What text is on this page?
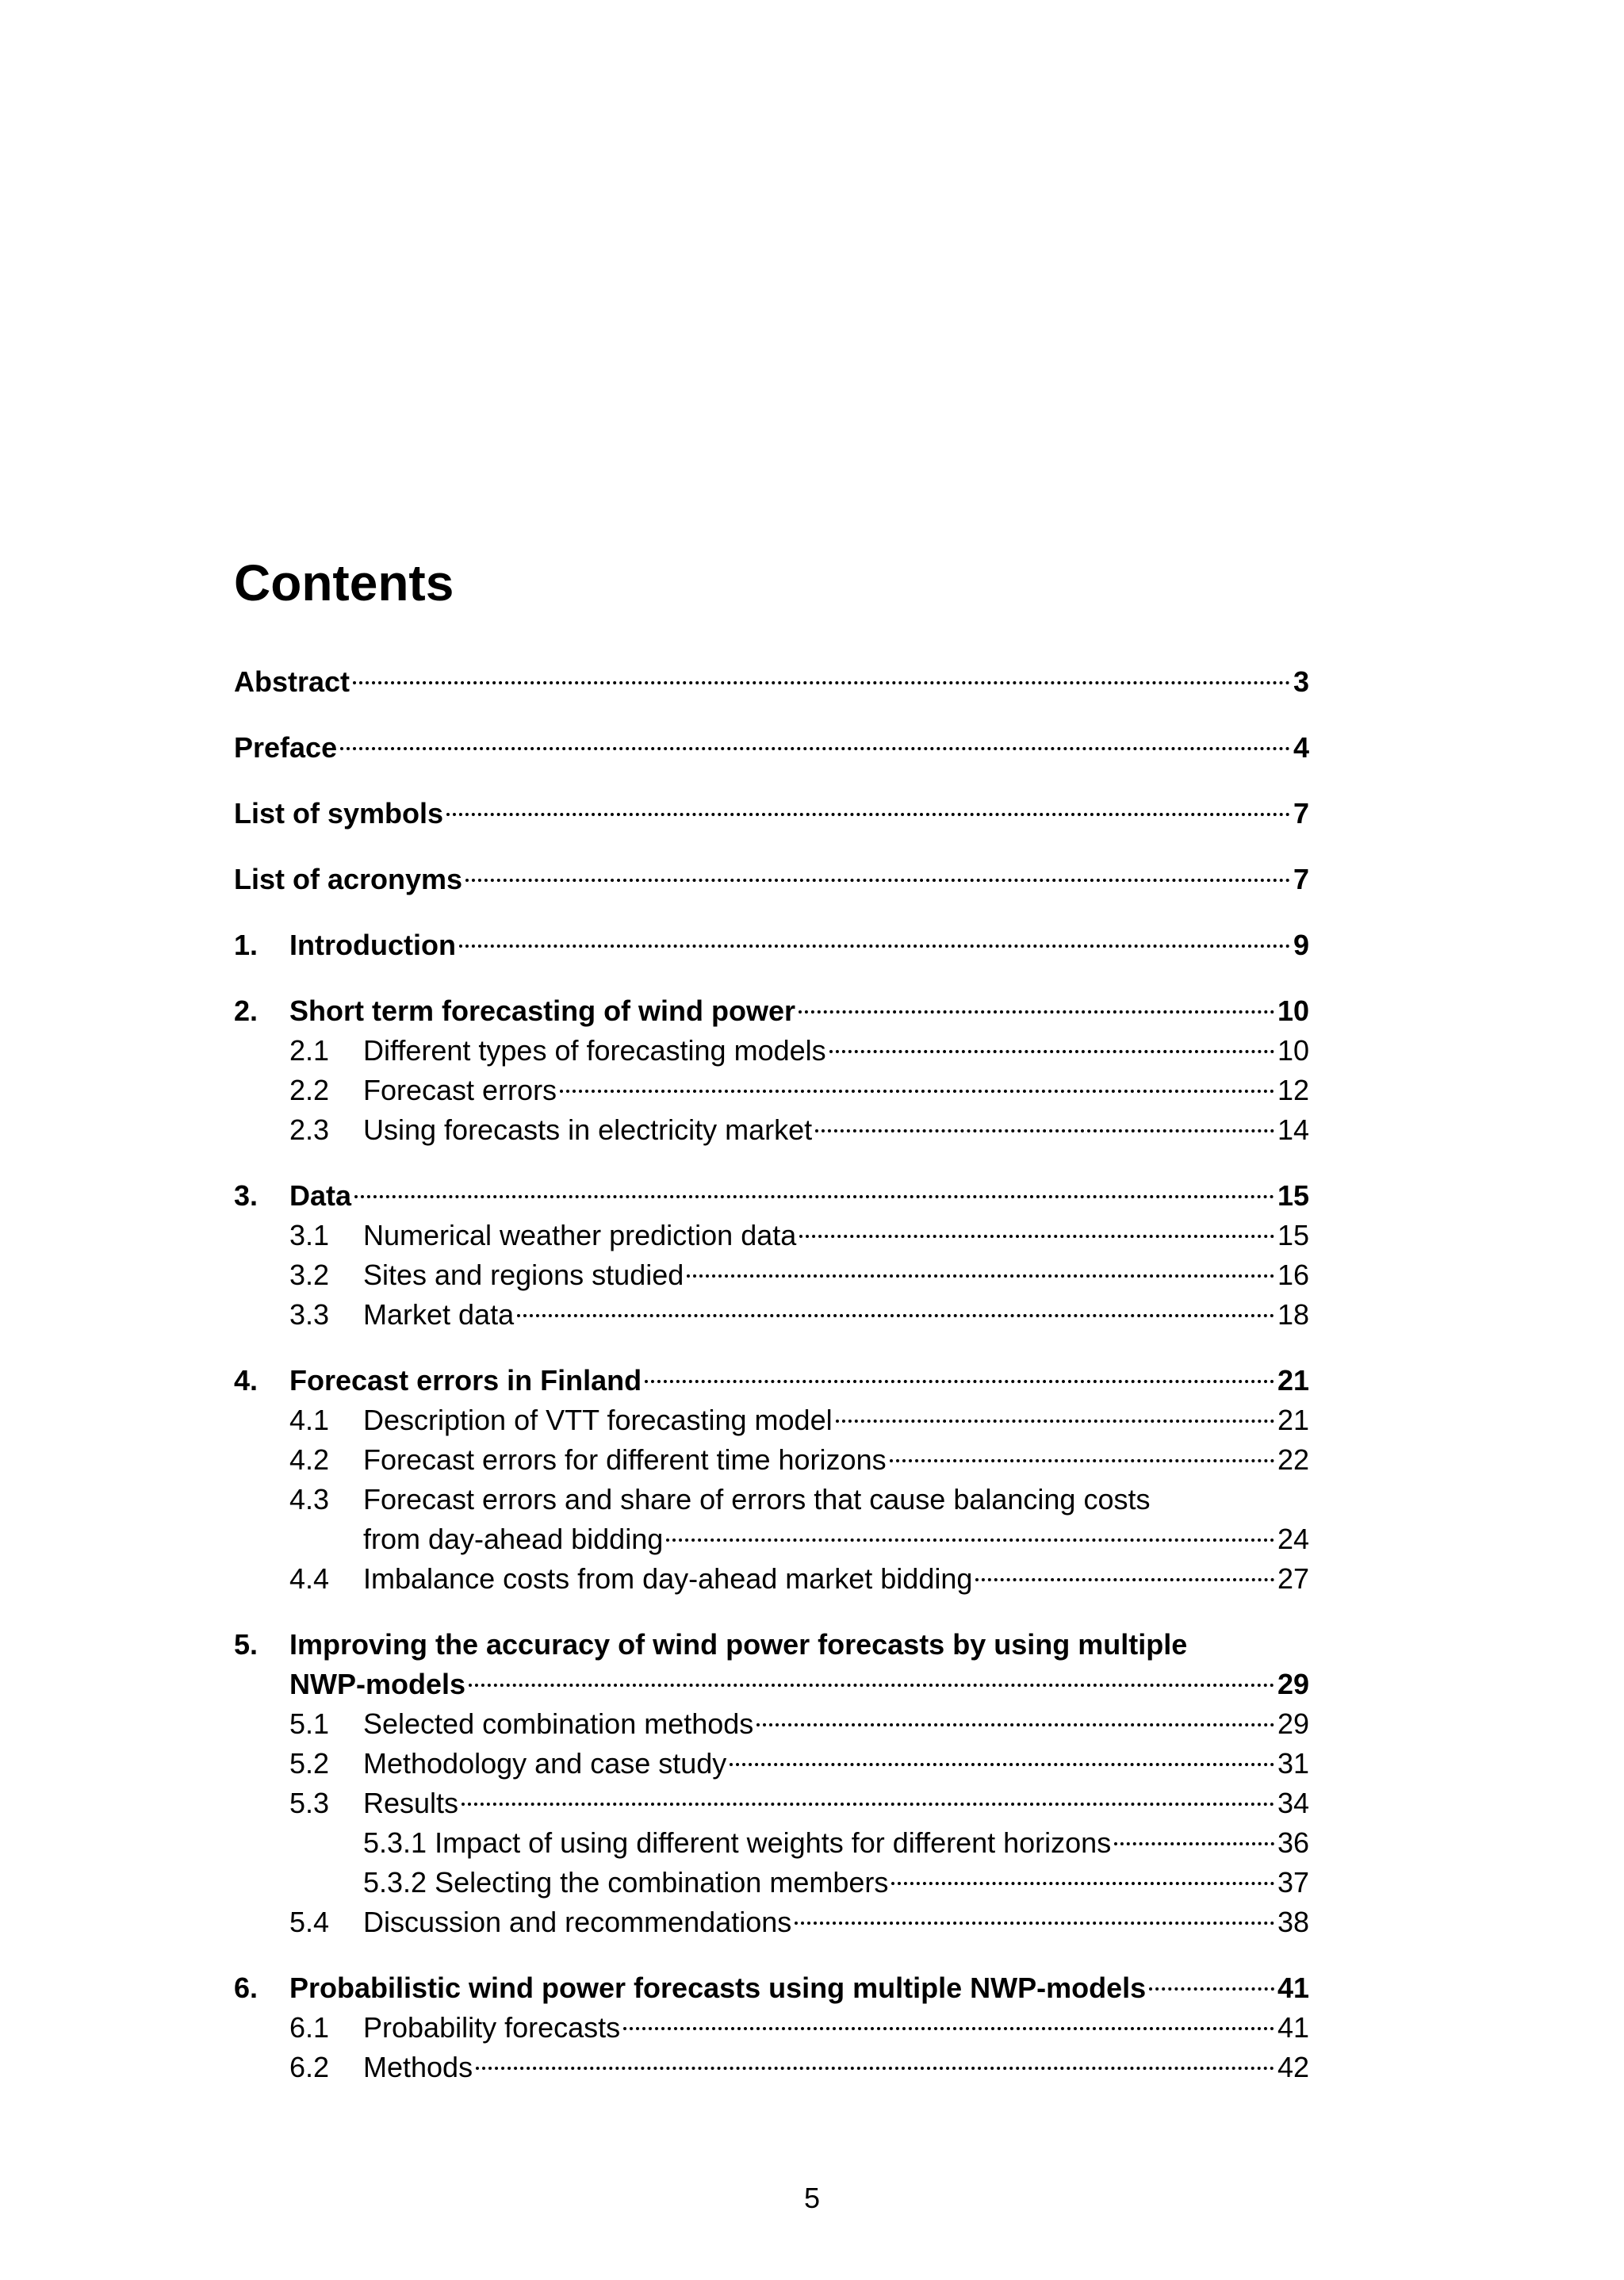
Contents
Abstract	3
Preface	4
List of symbols	7
List of acronyms	7
1.	Introduction	9
2.	Short term forecasting of wind power	10
2.1	Different types of forecasting models	10
2.2	Forecast errors	12
2.3	Using forecasts in electricity market	14
3.	Data	15
3.1	Numerical weather prediction data	15
3.2	Sites and regions studied	16
3.3	Market data	18
4.	Forecast errors in Finland	21
4.1	Description of VTT forecasting model	21
4.2	Forecast errors for different time horizons	22
4.3	Forecast errors and share of errors that cause balancing costs
from day-ahead bidding	24
4.4	Imbalance costs from day-ahead market bidding	27
5.	Improving the accuracy of wind power forecasts by using multiple
NWP-models	29
5.1	Selected combination methods	29
5.2	Methodology and case study	31
5.3	Results	34
5.3.1 Impact of using different weights for different horizons	36
5.3.2 Selecting the combination members	37
5.4	Discussion and recommendations	38
6.	Probabilistic wind power forecasts using multiple NWP-models	41
6.1	Probability forecasts	41
6.2	Methods	42
5
